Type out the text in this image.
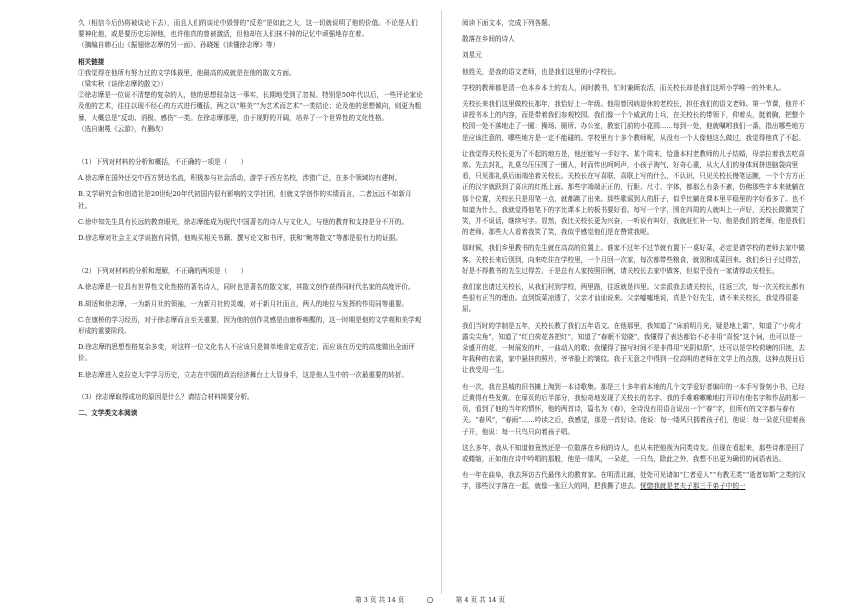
久（相信今后仍将被谈论下去），而且人们的谈论中毁誉的“反差”是如此之大，这一切就说明了他的价值。不论是人们要神化他，或是要历史忘掉他，也许他真的曾被激活，但他却在人们抹不掉的记忆中顽强地存在着。

（摘编自韩石山《振翅徐志摩的另一面》、孙晓娅《读懂徐志摩》等）

相关链接

①我觉得在他所有努力过的文学体裁里，他最高的成就是在他的散文方面。

（梁实秋《谈徐志摩的散文》）

②徐志摩是一位说不清楚的复杂的人，他的思想驳杂这一事实，长期地受到了忽视。特别是50年代以后，一些评论家论及他的艺术，往往以现不经心的方式进行概括，两之以“唯美”“为艺术而艺术”一类结论；论及他的思想倾向，则更为粗暴，大概总是“反动、消极、感伤”一类。在徐志摩那里，由于视野的开阔，培养了一个世界性的文化性格。

（选自谢冕《云游》，有删改）

（1）下列对材料的分析和概括，不正确的一项是（　　）

A.徐志摩在国外还交中西方贤达名流，积极参与社会活动，游学于西方名校，涉猎广泛，在多个领域均有建树。

B.文学研究会和创造社是20世纪20年代初国内很有影响的文学社团，但就文学创作的实绩而言，二者远远不如新月社。

C.徐申知先生具有长远的教育眼光，徐志摩能成为现代中国著名的诗人与文化人，与他的教育和支持是分不开的。

D.徐志摩对社会主义学说抱有同情，他购买相关书籍、撰写论文和书评，获和“鲍等散文”等都是很有力的证据。

（2）下列对材料的分析和理解，不正确的两项是（　　）

A.徐志摩是一位具有世界性文化性格的著名诗人，同时也是著名的散文家，其散文创作获得同时代名家的高度评价。

B.胡适和徐志摩，一为新月社的领袖，一为新月社的灵魂，对于新月社而言，两人的地位与发挥的作用同等重要。

C.在康桥的学习经历，对于徐志摩而言至关重要，因为他的创作灵感是由康桥唤醒的，这一时期是他的文学观和美学观形成的重要阶段。

D.徐志摩的思想性格复杂多变，对这样一位文化名人不应该只是简单地肯定或否定；而应该在历史的高度做出全面评价。

E.徐志摩进入克拉克大学学习历史，立志在中国的政治经济舞台上大显身手，这是他人生中的一次最重要的转折。

（3）徐志摩取得成功的原因是什么？请结合材料简要分析。

二、文学类文本阅读

阅读下面文本，完成下列各题。

散落在乡间的诗人

刘星元

他姓关，是我的语文老师，也是我们这里的小学校长。

学校的教师都是清一色本乡本土的农人，闲时教书，忙时兼顾农活，而关校长却是我们这所小学唯一的外来人。

关校长来我们这里做校长那年，我恰好上一年级。他用曾因病退休的老校长，担任我们的语文老师。第一节课，他并不讲授书本上的内容，而是带着我们参观校园。我们像一个个威武的士兵，在关校长的带领下，仰着头，挺着胸，把整个校园一处不落地走了一圈：操场、厕所、办公室，教室门前的小花园……每到一处，他就嘱咐我们一番，指出哪些地方是应该注意的，哪些地方是一定不能碰的。学校里有十多个教师呢，从没有一个人像他这么做过，我觉得他真了不起。

让我觉得关校长更为了不起的地方是，他还能写一手好字。某个周末，恰逢本村老教师的儿子结婚，母亲拉着我去吃喜席。先去封礼，礼桌乌压压围了一圈人，时而传出呵呵声，小孩子淘气，好奇心重，从大人们的身体间挤进脑袋向里看，只见那礼桌后面端坐着关校长。关校长在写喜联，喜联上写的什么，不认识，只见关校长慢笔运腕，一个个方方正正的汉字就跃到了喜庆的红纸上面。那些字端端正正的，行距、尺寸、字体，都那么有条不紊，仿佛那些字本来就躺在那个位置，关校长只是用笔一点，就都跳了出来。那些歌谣到人的肝子，似乎比躺在课本里平稳里的字好看多了。也不知道为什么，我就觉得他笔下的字比课本上的板书要好看。每写一个字，围在四周的人就叫上一声好，关校长微微笑了笑，并不说话，继续写字。显然，我比关校长更为兴奋，一听说有叫好，我就赶忙补一句，他是我们的老师，他是我们的老师。那些大人看着我笑了笑，我似乎感觉他们是在赞赏我呢。

那时候，我们乡里教书的先生就在高高的位置上。谁家不过年不过节就有置下一桌好菜，必定是请学校的老师去家中做客。关校长来后别到，向来吃住在学校里，一个月回一次家，每次都带些粮食，就别和成菜回来。我们乡日子过得苦，好是不得教书的先生过得苦，于是总有人家按照旧例，请关校长去家中做客，但似乎没有一家请得动关校长。

我们家也请过关校长，从我们村到学校，两里路，往返就是四里。父亲派我去请关校长，往返三次，每一次关校长都有些很有正当的理由。直到饭菜凉透了，父亲才讪讪说来。父亲嘘嘘地说，真是个好先生，请不来关校长，我觉得很委屈。

我们当时的学制是五年，关校长教了我们五年语文。在他那里，我知道了“床前明月光，疑是地上霜”，知道了“小荷才露尖尖角”，知道了“红白荷花各把红”，知道了“春眠不觉晓”，我懂得了表达都恰不必非用“喜悦”这个词，也可以是一朵盛开的花，一树展发的叶，一曲动人的歌；我懂得了描写时间不是非得用“光阴似箭”，还可以是学校荷塘的旧池，去年栽种的衣裳，家中悬挂的照片，爷爷脸上的皱纹。我于无意之中得到一位高明的老师在文学上的点拨，这种点拨日后让我受用一生。

有一次，我在县城的旧书摊上淘到一本诗歌集。那是三十多年前本地的几个文学爱好者编印的一本手写誊刻小书，已经泛黄得有些发黄。在扉页的后半部分，我惊奇地发现了关校长的名字。我的手难难嗽嗽地打开印有他名字和作品的那一页，看到了他的当年的情怀，他的两首诗，篇名为《春》，全诗没有用语言说出一个“春”字，但所有的文字都与春有关。“春风”，“春雨”……吟读之后，我感觉，那是一首好诗。他说：每一缕风只拥着孩子们，他说：每一朵花只迎着孩子开，他说：每一只鸟只向着孩子唱。

这么多年，我从不知道他竟然还是一位散落在乡间的诗人，也从未把他视为同类诗友。但现在看起来，那些诗都是回了或蜷缩，正如他在诗中吟唱的那般，他是一缕风，一朵花，一只鸟，除此之外，我想不出更为确切的词语表达。

有一年在曲阜，我去拜访古代最伟大的教育家。在明清北廊，处处可见诸如“仁者爱人”“有教无类”“逝者如斯”之类的汉字，那些汉字落在一起，就像一张巨大的网，把我撕了进去。恍惚我就是老夫子那三千弟子中的一

第 3 页 共 14 页	○	第 4 页 共 14 页
